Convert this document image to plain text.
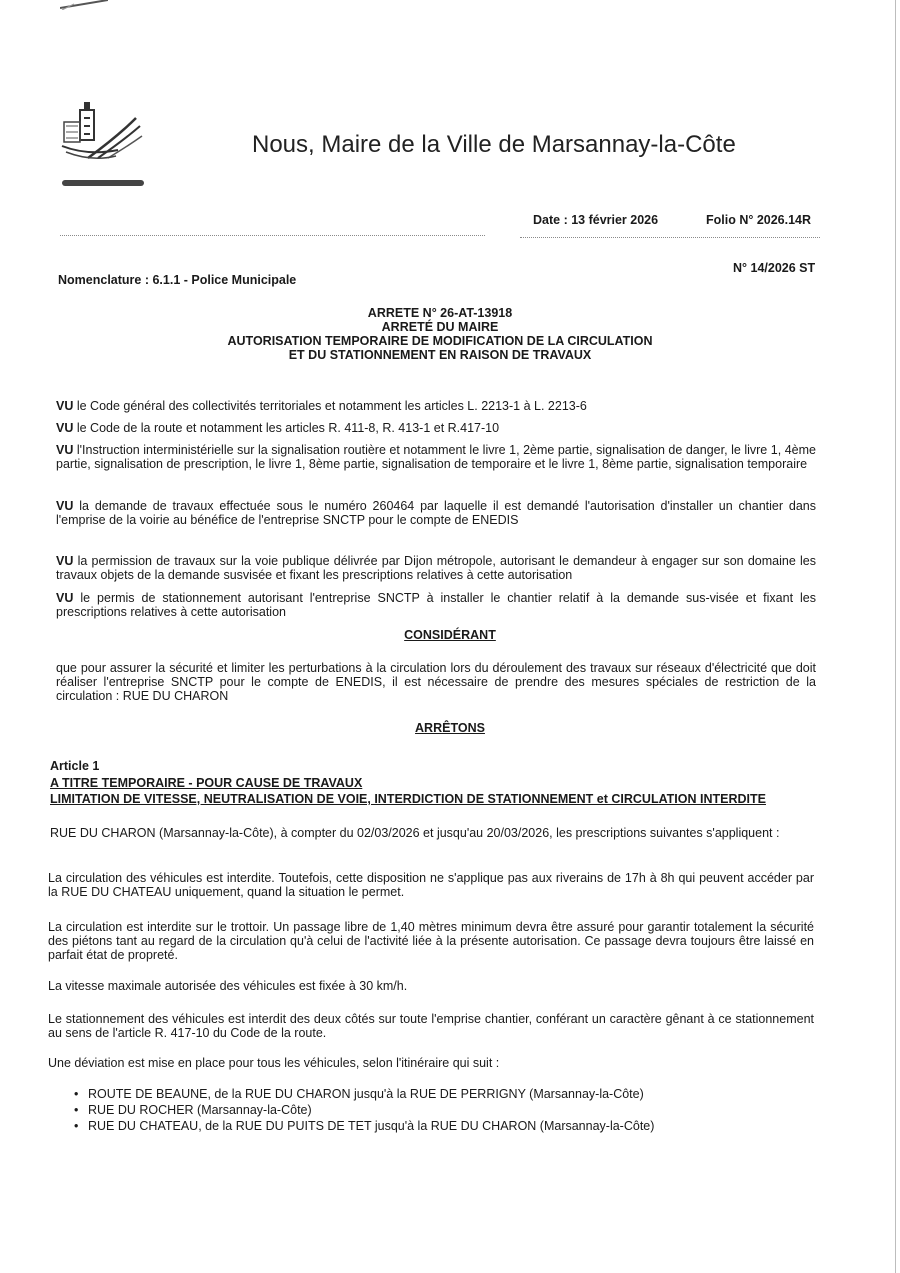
Nous, Maire de la Ville de Marsannay-la-Côte
Date : 13 février 2026	Folio N° 2026.14R
N° 14/2026 ST
Nomenclature : 6.1.1 - Police Municipale
ARRETE N° 26-AT-13918
ARRETÉ DU MAIRE
AUTORISATION TEMPORAIRE DE MODIFICATION DE LA CIRCULATION
ET DU STATIONNEMENT EN RAISON DE TRAVAUX
VU le Code général des collectivités territoriales et notamment les articles L. 2213-1 à L. 2213-6
VU le Code de la route et notamment les articles R. 411-8, R. 413-1 et R.417-10
VU l'Instruction interministérielle sur la signalisation routière et notamment le livre 1, 2ème partie, signalisation de danger, le livre 1, 4ème partie, signalisation de prescription, le livre 1, 8ème partie, signalisation de temporaire et le livre 1, 8ème partie, signalisation temporaire
VU la demande de travaux effectuée sous le numéro 260464 par laquelle il est demandé l'autorisation d'installer un chantier dans l'emprise de la voirie au bénéfice de l'entreprise SNCTP pour le compte de ENEDIS
VU la permission de travaux sur la voie publique délivrée par Dijon métropole, autorisant le demandeur à engager sur son domaine les travaux objets de la demande susvisée et fixant les prescriptions relatives à cette autorisation
VU le permis de stationnement autorisant l'entreprise SNCTP à installer le chantier relatif à la demande sus-visée et fixant les prescriptions relatives à cette autorisation
CONSIDÉRANT
que pour assurer la sécurité et limiter les perturbations à la circulation lors du déroulement des travaux sur réseaux d'électricité que doit réaliser l'entreprise SNCTP pour le compte de ENEDIS, il est nécessaire de prendre des mesures spéciales de restriction de la circulation : RUE DU CHARON
ARRÊTONS
Article 1
A TITRE TEMPORAIRE - POUR CAUSE DE TRAVAUX
LIMITATION DE VITESSE, NEUTRALISATION DE VOIE, INTERDICTION DE STATIONNEMENT et CIRCULATION INTERDITE
RUE DU CHARON (Marsannay-la-Côte), à compter du 02/03/2026 et jusqu'au 20/03/2026, les prescriptions suivantes s'appliquent :
La circulation des véhicules est interdite. Toutefois, cette disposition ne s'applique pas aux riverains de 17h à 8h qui peuvent accéder par la RUE DU CHATEAU uniquement, quand la situation le permet.
La circulation est interdite sur le trottoir. Un passage libre de 1,40 mètres minimum devra être assuré pour garantir totalement la sécurité des piétons tant au regard de la circulation qu'à celui de l'activité liée à la présente autorisation. Ce passage devra toujours être laissé en parfait état de propreté.
La vitesse maximale autorisée des véhicules est fixée à 30 km/h.
Le stationnement des véhicules est interdit des deux côtés sur toute l'emprise chantier, conférant un caractère gênant à ce stationnement au sens de l'article R. 417-10 du Code de la route.
Une déviation est mise en place pour tous les véhicules, selon l'itinéraire qui suit :
• ROUTE DE BEAUNE, de la RUE DU CHARON jusqu'à la RUE DE PERRIGNY (Marsannay-la-Côte)
• RUE DU ROCHER (Marsannay-la-Côte)
• RUE DU CHATEAU, de la RUE DU PUITS DE TET jusqu'à la RUE DU CHARON (Marsannay-la-Côte)
